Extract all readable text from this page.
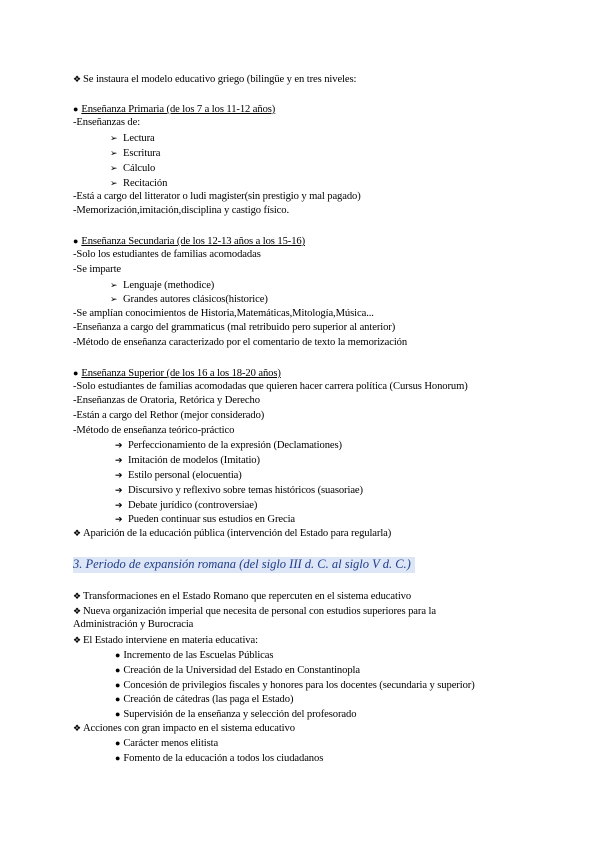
❖ Se instaura el modelo educativo griego (bilingüe y en tres niveles:
● Enseñanza Primaria (de los 7 a los 11-12 años)
-Enseñanzas de:
➢ Lectura
➢ Escritura
➢ Cálculo
➢ Recitación
-Está a cargo del litterator o ludi magister(sin prestigio y mal pagado)
-Memorización,imitación,disciplina y castigo físico.
● Enseñanza Secundaria (de los 12-13 años a los 15-16)
-Solo los estudiantes de familias acomodadas
-Se imparte
➢ Lenguaje (methodice)
➢ Grandes autores clásicos(historice)
-Se amplían conocimientos de Historia,Matemáticas,Mitología,Música...
-Enseñanza a cargo del grammaticus (mal retribuido pero superior al anterior)
-Método de enseñanza caracterizado por el comentario de texto la memorización
● Enseñanza Superior (de los 16 a los 18-20 años)
-Solo estudiantes de familias acomodadas que quieren hacer carrera política (Cursus Honorum)
-Enseñanzas de Oratoria, Retórica y Derecho
-Están a cargo del Rethor (mejor considerado)
-Método de enseñanza teórico-práctico
➔ Perfeccionamiento de la expresión (Declamationes)
➔ Imitación de modelos (Imitatio)
➔ Estilo personal (elocuentia)
➔ Discursivo y reflexivo sobre temas históricos (suasoriae)
➔ Debate jurídico (controversiae)
➔ Pueden continuar sus estudios en Grecia
❖ Aparición de la educación pública (intervención del Estado para regularla)
3. Periodo de expansión romana (del siglo III d. C. al siglo V d. C.)
❖ Transformaciones en el Estado Romano que repercuten en el sistema educativo
❖ Nueva organización imperial que necesita de personal con estudios superiores para la
Administración y Burocracia
❖ El Estado interviene en materia educativa:
● Incremento de las Escuelas Públicas
● Creación de la Universidad del Estado en Constantinopla
● Concesión de privilegios fiscales y honores para los docentes (secundaria y superior)
● Creación de cátedras (las paga el Estado)
● Supervisión de la enseñanza y selección del profesorado
❖ Acciones con gran impacto en el sistema educativo
● Carácter menos elitista
● Fomento de la educación a todos los ciudadanos
